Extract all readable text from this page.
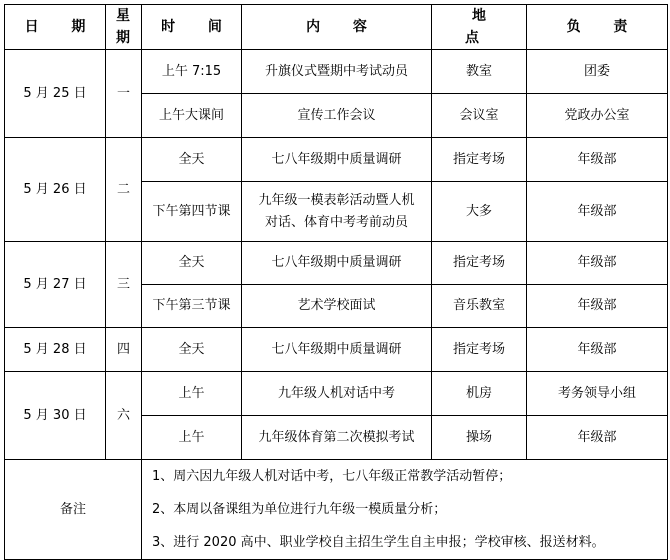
日 期	星期	时 间	内 容	地 点	负 责
5 月 25 日	一	上午 7:15	升旗仪式暨期中考试动员	教室	团委
		上午大课间	宣传工作会议	会议室	党政办公室
5 月 26 日	二	全天	七八年级期中质量调研	指定考场	年级部
		下午第四节课	九年级一模表彰活动暨人机
对话、体育中考考前动员	大多	年级部
5 月 27 日	三	全天	七八年级期中质量调研	指定考场	年级部
		下午第三节课	艺术学校面试	音乐教室	年级部
5 月 28 日	四	全天	七八年级期中质量调研	指定考场	年级部
5 月 30 日	六	上午	九年级人机对话中考	机房	考务领导小组
		上午	九年级体育第二次模拟考试	操场	年级部
备注		1、周六因九年级人机对话中考，七八年级正常教学活动暂停；
2、本周以备课组为单位进行九年级一模质量分析；
3、进行 2020 高中、职业学校自主招生学生自主申报；学校审核、报送材料。			
